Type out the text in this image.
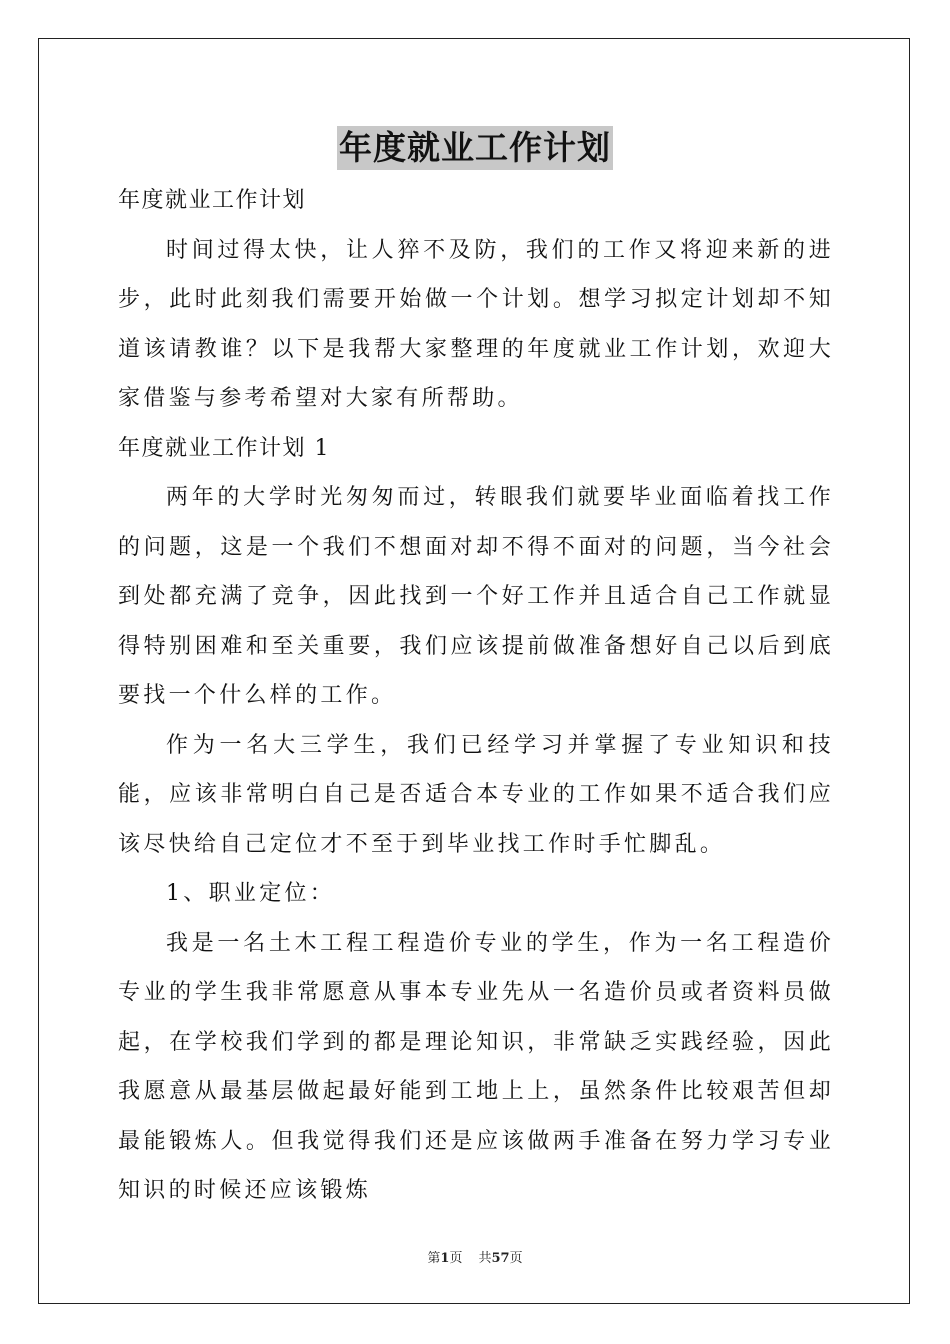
年度就业工作计划

年度就业工作计划

时间过得太快，让人猝不及防，我们的工作又将迎来新的进步，此时此刻我们需要开始做一个计划。想学习拟定计划却不知道该请教谁？以下是我帮大家整理的年度就业工作计划，欢迎大家借鉴与参考希望对大家有所帮助。

年度就业工作计划 1

两年的大学时光匆匆而过，转眼我们就要毕业面临着找工作的问题，这是一个我们不想面对却不得不面对的问题，当今社会到处都充满了竞争，因此找到一个好工作并且适合自己工作就显得特别困难和至关重要，我们应该提前做准备想好自己以后到底要找一个什么样的工作。

作为一名大三学生，我们已经学习并掌握了专业知识和技能，应该非常明白自己是否适合本专业的工作如果不适合我们应该尽快给自己定位才不至于到毕业找工作时手忙脚乱。

1、职业定位：

我是一名土木工程工程造价专业的学生，作为一名工程造价专业的学生我非常愿意从事本专业先从一名造价员或者资料员做起，在学校我们学到的都是理论知识，非常缺乏实践经验，因此我愿意从最基层做起最好能到工地上上，虽然条件比较艰苦但却最能锻炼人。但我觉得我们还是应该做两手准备在努力学习专业知识的时候还应该锻炼

第1页 共57页
